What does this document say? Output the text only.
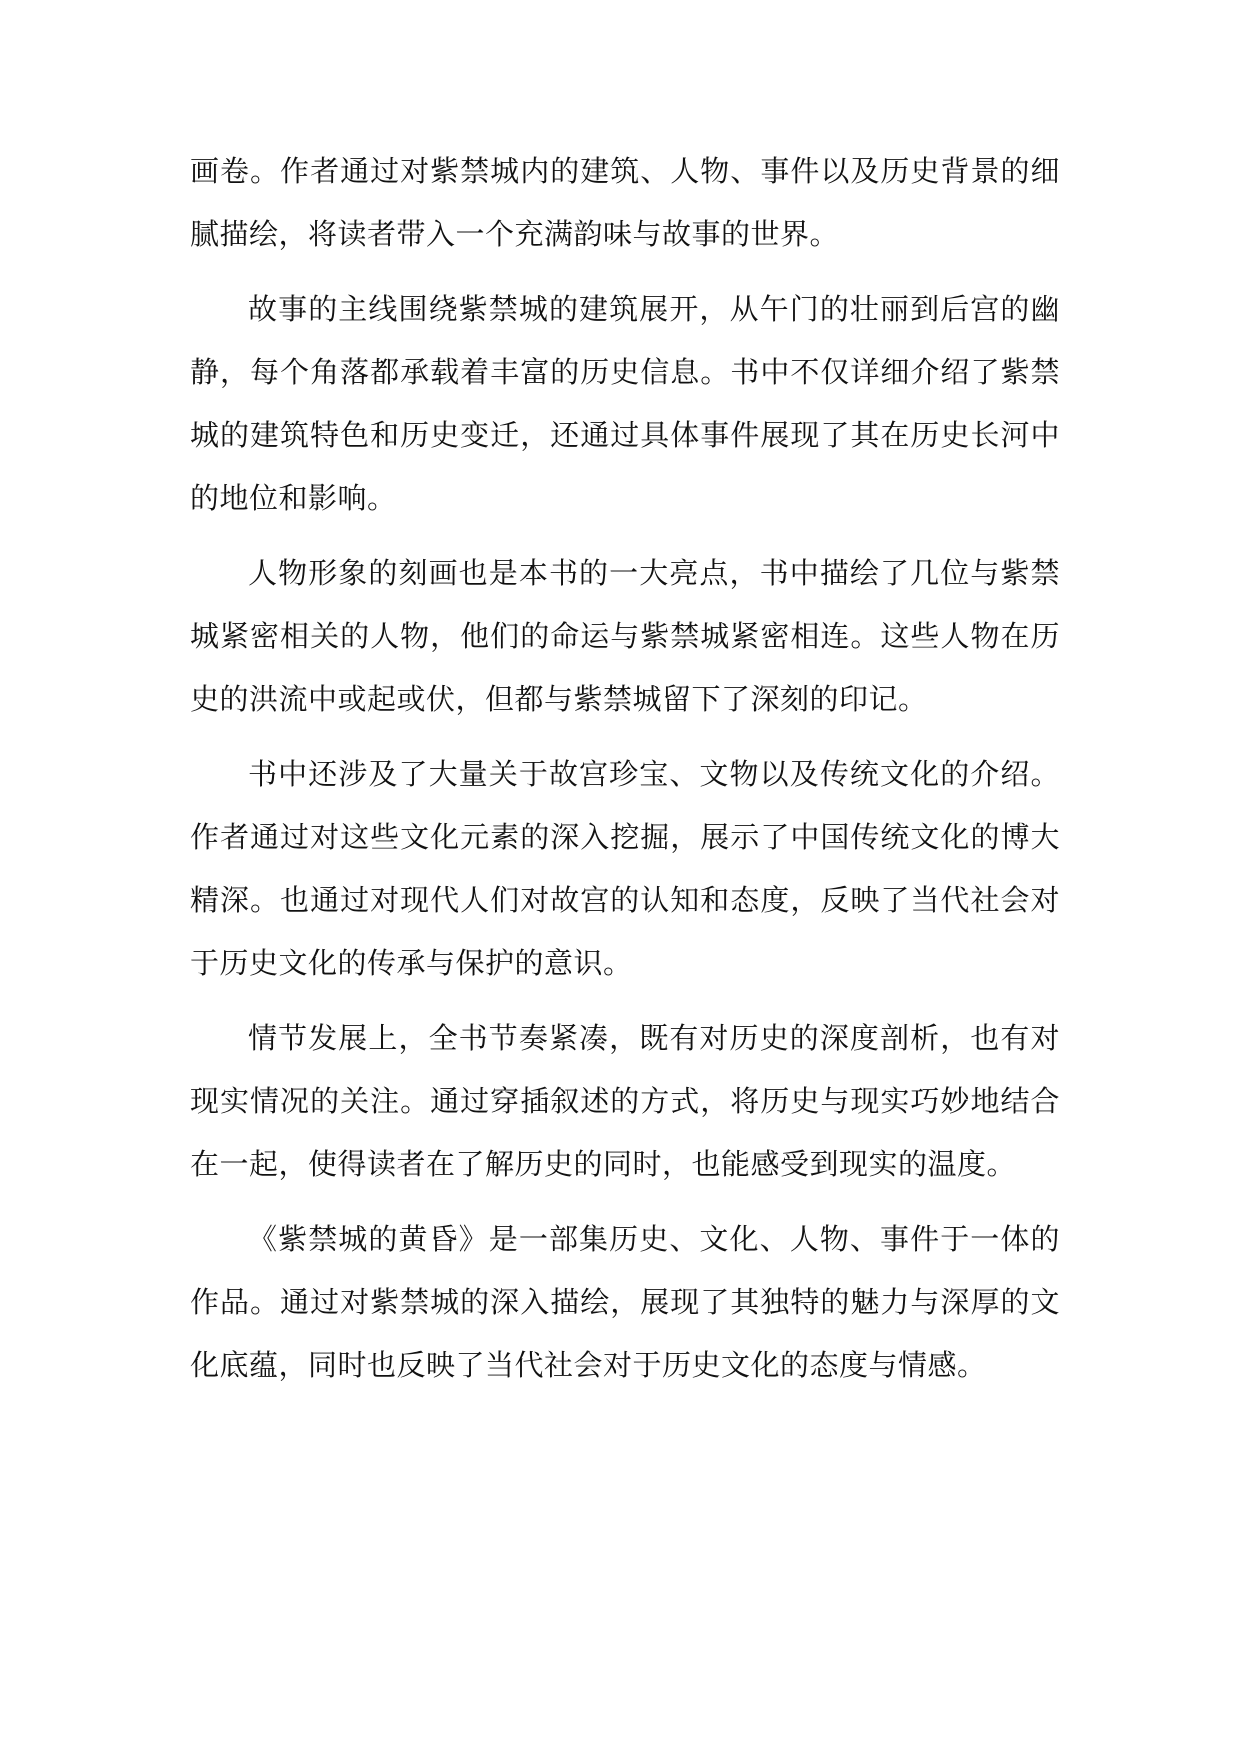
画卷。作者通过对紫禁城内的建筑、人物、事件以及历史背景的细腻描绘，将读者带入一个充满韵味与故事的世界。

故事的主线围绕紫禁城的建筑展开，从午门的壮丽到后宫的幽静，每个角落都承载着丰富的历史信息。书中不仅详细介绍了紫禁城的建筑特色和历史变迁，还通过具体事件展现了其在历史长河中的地位和影响。

人物形象的刻画也是本书的一大亮点，书中描绘了几位与紫禁城紧密相关的人物，他们的命运与紫禁城紧密相连。这些人物在历史的洪流中或起或伏，但都与紫禁城留下了深刻的印记。

书中还涉及了大量关于故宫珍宝、文物以及传统文化的介绍。作者通过对这些文化元素的深入挖掘，展示了中国传统文化的博大精深。也通过对现代人们对故宫的认知和态度，反映了当代社会对于历史文化的传承与保护的意识。

情节发展上，全书节奏紧凑，既有对历史的深度剖析，也有对现实情况的关注。通过穿插叙述的方式，将历史与现实巧妙地结合在一起，使得读者在了解历史的同时，也能感受到现实的温度。

《紫禁城的黄昏》是一部集历史、文化、人物、事件于一体的作品。通过对紫禁城的深入描绘，展现了其独特的魅力与深厚的文化底蕴，同时也反映了当代社会对于历史文化的态度与情感。
